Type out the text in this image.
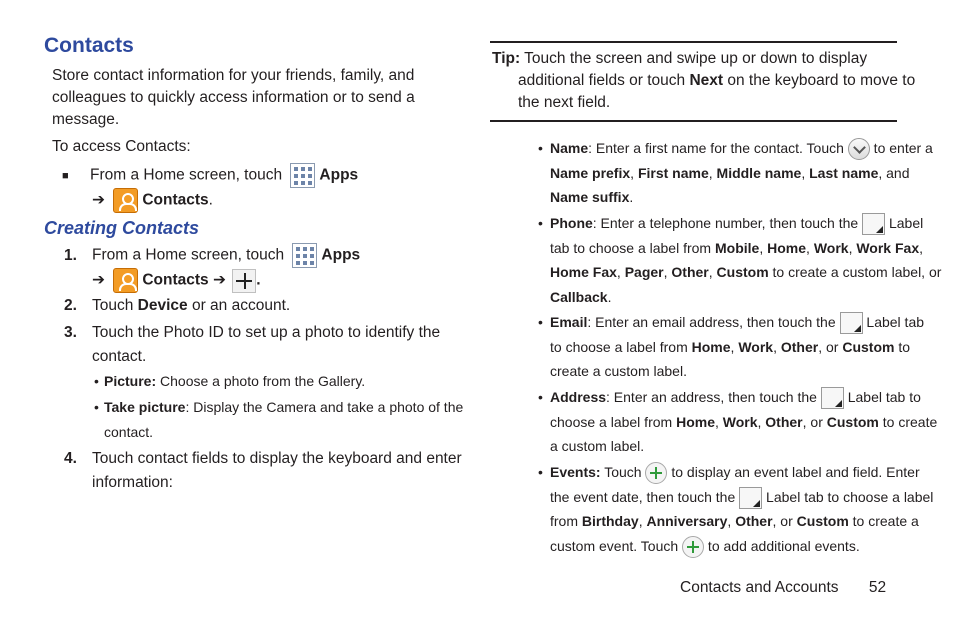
Contacts
Store contact information for your friends, family, and
colleagues to quickly access information or to send a
message.
To access Contacts:
■ From a Home screen, touch Apps
➔ Contacts.
Creating Contacts
1. From a Home screen, touch Apps
➔ Contacts ➔ .
2. Touch Device or an account.
3. Touch the Photo ID to set up a photo to identify the
contact.
• Picture: Choose a photo from the Gallery.
• Take picture: Display the Camera and take a photo of the
contact.
4. Touch contact fields to display the keyboard and enter
information:
Tip: Touch the screen and swipe up or down to display
additional fields or touch Next on the keyboard to move to
the next field.
• Name: Enter a first name for the contact. Touch  to enter a
Name prefix, First name, Middle name, Last name, and
Name suffix.
• Phone: Enter a telephone number, then touch the  Label
tab to choose a label from Mobile, Home, Work, Work Fax,
Home Fax, Pager, Other, Custom to create a custom label, or
Callback.
• Email: Enter an email address, then touch the  Label tab
to choose a label from Home, Work, Other, or Custom to
create a custom label.
• Address: Enter an address, then touch the  Label tab to
choose a label from Home, Work, Other, or Custom to create
a custom label.
• Events: Touch  to display an event label and field. Enter
the event date, then touch the  Label tab to choose a label
from Birthday, Anniversary, Other, or Custom to create a
custom event. Touch  to add additional events.
Contacts and Accounts 52
